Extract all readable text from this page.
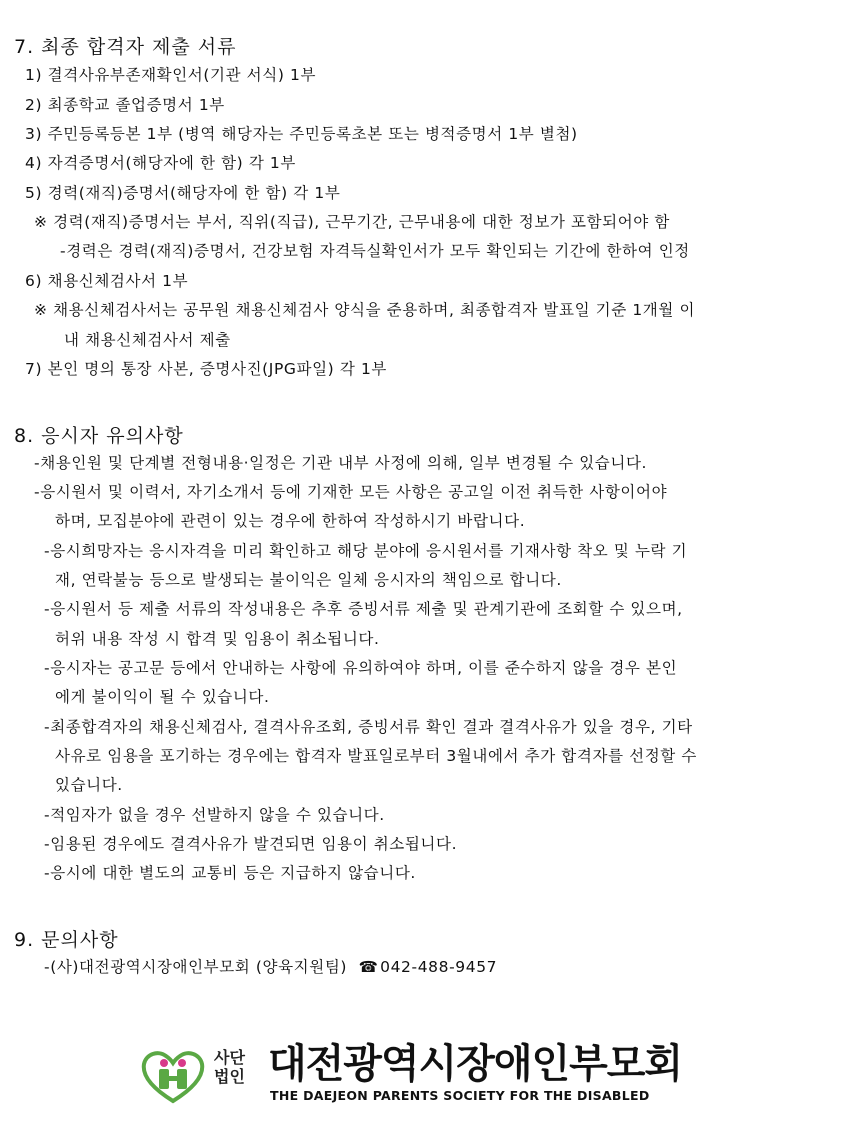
7. 최종 합격자 제출 서류
1) 결격사유부존재확인서(기관 서식) 1부
2) 최종학교 졸업증명서 1부
3) 주민등록등본 1부 (병역 해당자는 주민등록초본 또는 병적증명서 1부 별첨)
4) 자격증명서(해당자에 한 함) 각 1부
5) 경력(재직)증명서(해당자에 한 함) 각 1부
※ 경력(재직)증명서는 부서, 직위(직급), 근무기간, 근무내용에 대한 정보가 포함되어야 함
-경력은 경력(재직)증명서, 건강보험 자격득실확인서가 모두 확인되는 기간에 한하여 인정
6) 채용신체검사서 1부
※ 채용신체검사서는 공무원 채용신체검사 양식을 준용하며, 최종합격자 발표일 기준 1개월 이
내 채용신체검사서 제출
7) 본인 명의 통장 사본, 증명사진(JPG파일) 각 1부
8. 응시자 유의사항
-채용인원 및 단계별 전형내용·일정은 기관 내부 사정에 의해, 일부 변경될 수 있습니다.
-응시원서 및 이력서, 자기소개서 등에 기재한 모든 사항은 공고일 이전 취득한 사항이어야
하며, 모집분야에 관련이 있는 경우에 한하여 작성하시기 바랍니다.
-응시희망자는 응시자격을 미리 확인하고 해당 분야에 응시원서를 기재사항 착오 및 누락 기
재, 연락불능 등으로 발생되는 불이익은 일체 응시자의 책임으로 합니다.
-응시원서 등 제출 서류의 작성내용은 추후 증빙서류 제출 및 관계기관에 조회할 수 있으며,
허위 내용 작성 시 합격 및 임용이 취소됩니다.
-응시자는 공고문 등에서 안내하는 사항에 유의하여야 하며, 이를 준수하지 않을 경우 본인
에게 불이익이 될 수 있습니다.
-최종합격자의 채용신체검사, 결격사유조회, 증빙서류 확인 결과 결격사유가 있을 경우, 기타
사유로 임용을 포기하는 경우에는 합격자 발표일로부터 3월내에서 추가 합격자를 선정할 수
있습니다.
-적임자가 없을 경우 선발하지 않을 수 있습니다.
-임용된 경우에도 결격사유가 발견되면 임용이 취소됩니다.
-응시에 대한 별도의 교통비 등은 지급하지 않습니다.
9. 문의사항
-(사)대전광역시장애인부모회 (양육지원팀) ☎ 042-488-9457
사단
법인 대전광역시장애인부모회
THE DAEJEON PARENTS SOCIETY FOR THE DISABLED
